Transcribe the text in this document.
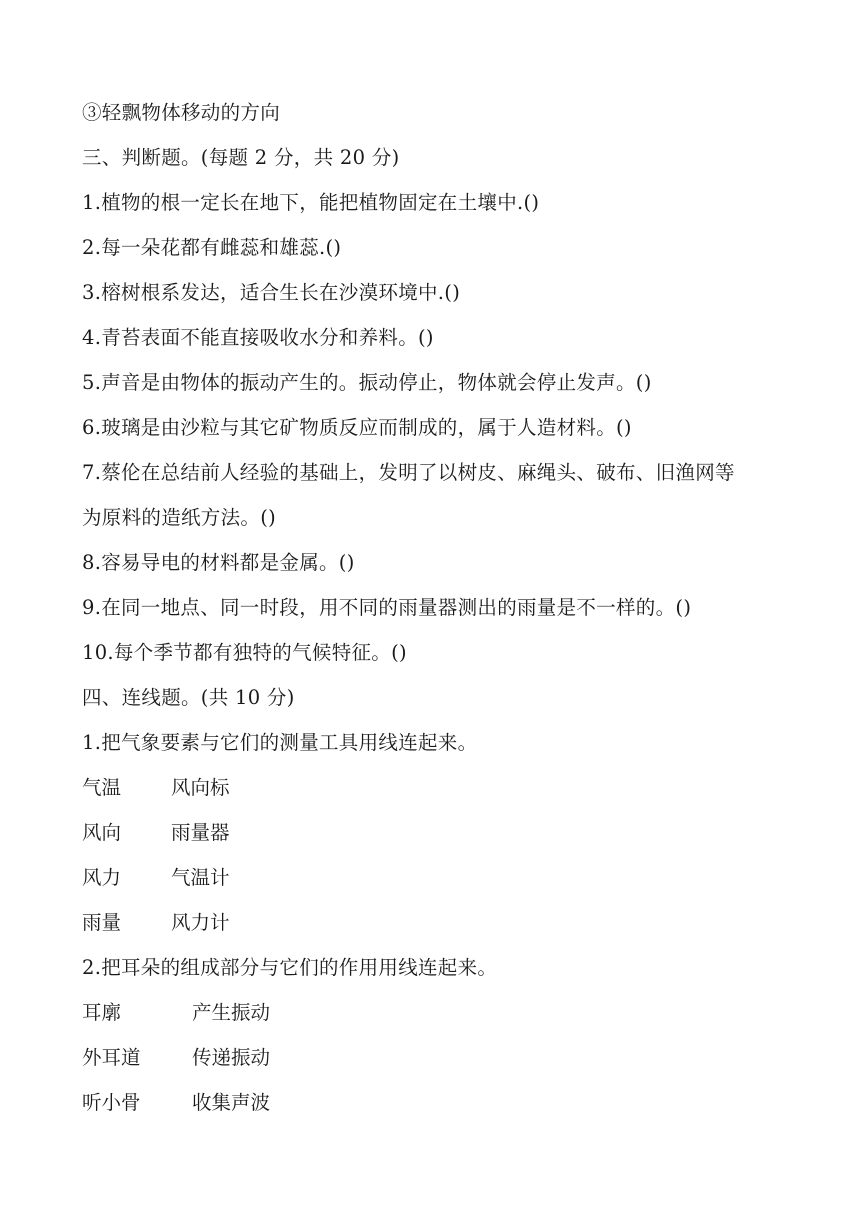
③轻飘物体移动的方向
三、判断题。(每题 2 分，共 20 分)
1.植物的根一定长在地下，能把植物固定在土壤中.()
2.每一朵花都有雌蕊和雄蕊.()
3.榕树根系发达，适合生长在沙漠环境中.()
4.青苔表面不能直接吸收水分和养料。()
5.声音是由物体的振动产生的。振动停止，物体就会停止发声。()
6.玻璃是由沙粒与其它矿物质反应而制成的，属于人造材料。()
7.蔡伦在总结前人经验的基础上，发明了以树皮、麻绳头、破布、旧渔网等
为原料的造纸方法。()
8.容易导电的材料都是金属。()
9.在同一地点、同一时段，用不同的雨量器测出的雨量是不一样的。()
10.每个季节都有独特的气候特征。()
四、连线题。(共 10 分)
1.把气象要素与它们的测量工具用线连起来。
气温	风向标
风向	雨量器
风力	气温计
雨量	风力计
2.把耳朵的组成部分与它们的作用用线连起来。
耳廓	产生振动
外耳道	传递振动
听小骨	收集声波
